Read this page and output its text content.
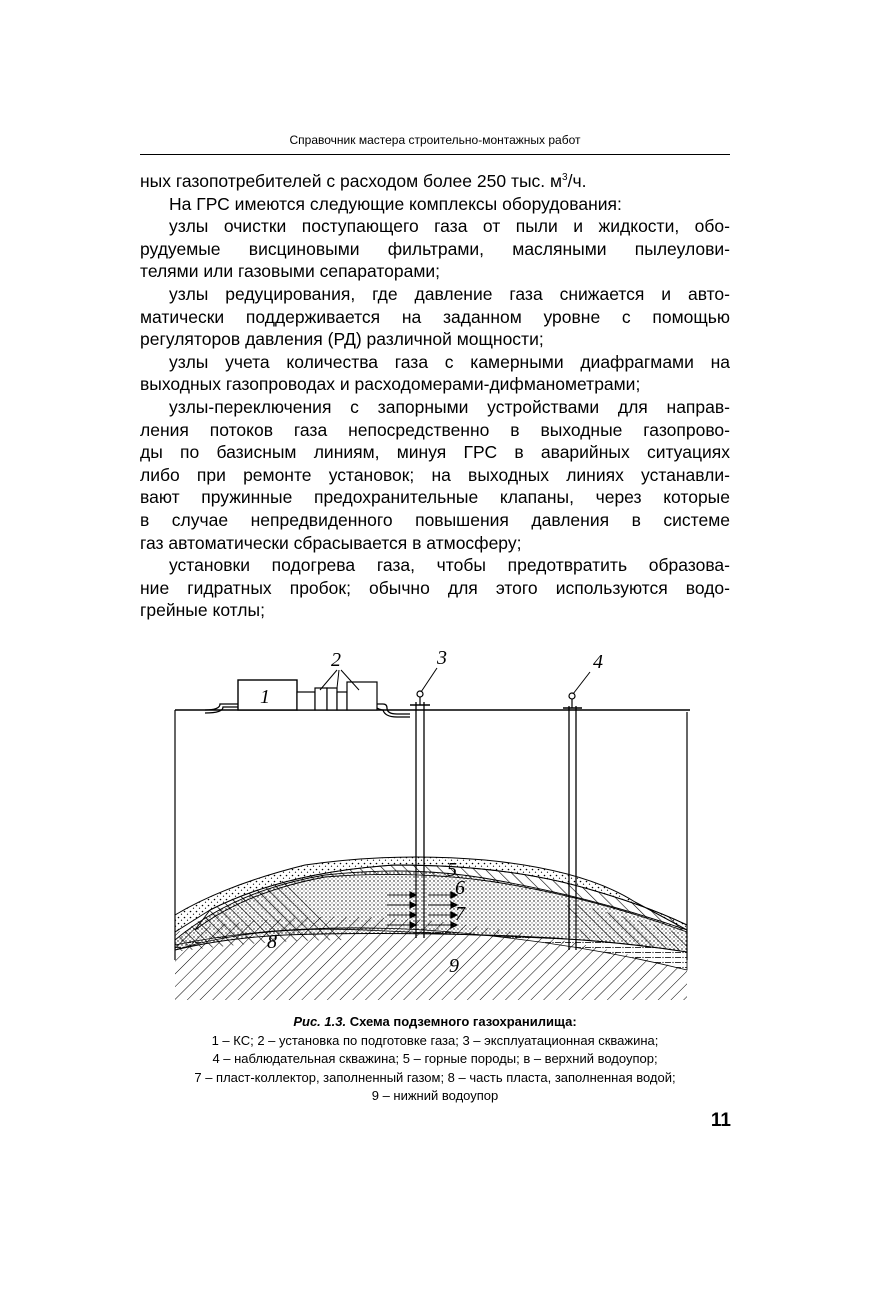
Справочник мастера строительно-монтажных работ

ных газопотребителей с расходом более 250 тыс. $м^3/ч$.

На ГРС имеются следующие комплексы оборудования:

узлы очистки поступающего газа от пыли и жидкости, обо-

рудуемые висциновыми фильтрами, масляными пылеулови-

телями или газовыми сепараторами;

узлы редуцирования, где давление газа снижается и авто-

матически поддерживается на заданном уровне с помощью

регуляторов давления (РД) различной мощности;

узлы учета количества газа с камерными диафрагмами на

выходных газопроводах и расходомерами-дифманометрами;

узлы-переключения с запорными устройствами для направ-

ления потоков газа непосредственно в выходные газопрово-

ды по базисным линиям, минуя ГРС в аварийных ситуациях

либо при ремонте установок; на выходных линиях устанавли-

вают пружинные предохранительные клапаны, через которые

в случае непредвиденного повышения давления в системе

газ автоматически сбрасывается в атмосферу;

установки подогрева газа, чтобы предотвратить образова-

ние гидратных пробок; обычно для этого используются водо-

грейные котлы;

1
2	3	4
5
6
7
8
9
Рис. 1.3. Схема подземного газохранилища:
1 – КС; 2 – установка по подготовке газа; 3 – эксплуатационная скважина;
4 – наблюдательная скважина; 5 – горные породы; в – верхний водоупор;
7 – пласт-коллектор, заполненный газом; 8 – часть пласта, заполненная водой;
9 – нижний водоупор
11
